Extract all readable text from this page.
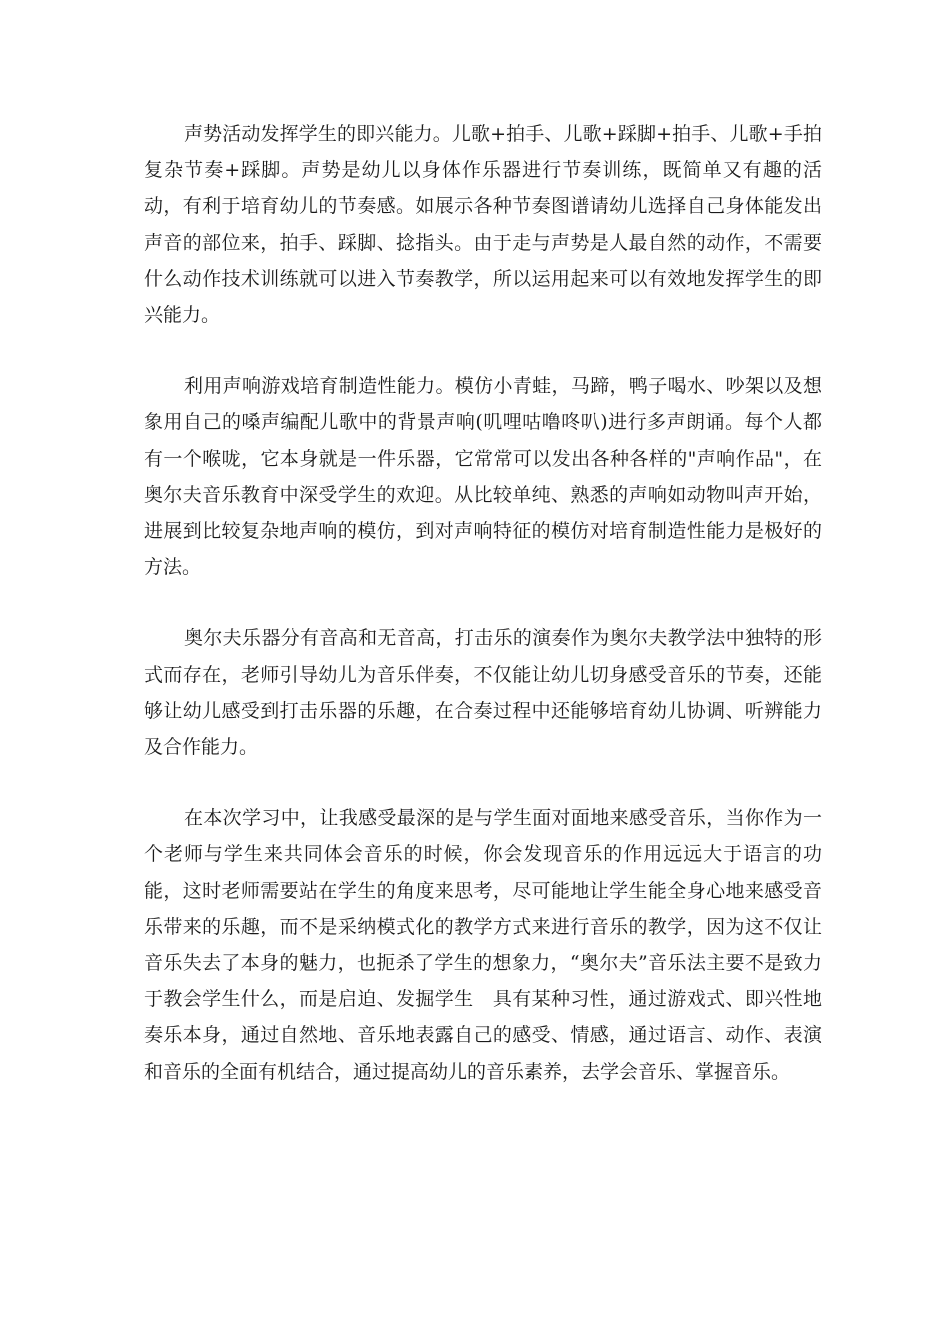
声势活动发挥学生的即兴能力。儿歌+拍手、儿歌+踩脚+拍手、儿歌+手拍复杂节奏+踩脚。声势是幼儿以身体作乐器进行节奏训练，既简单又有趣的活动，有利于培育幼儿的节奏感。如展示各种节奏图谱请幼儿选择自己身体能发出声音的部位来，拍手、踩脚、捻指头。由于走与声势是人最自然的动作，不需要什么动作技术训练就可以进入节奏教学，所以运用起来可以有效地发挥学生的即兴能力。

利用声响游戏培育制造性能力。模仿小青蛙，马蹄，鸭子喝水、吵架以及想象用自己的嗓声编配儿歌中的背景声响(叽哩咕噜咚叭)进行多声朗诵。每个人都有一个喉咙，它本身就是一件乐器，它常常可以发出各种各样的"声响作品"，在奥尔夫音乐教育中深受学生的欢迎。从比较单纯、熟悉的声响如动物叫声开始，进展到比较复杂地声响的模仿，到对声响特征的模仿对培育制造性能力是极好的方法。

奥尔夫乐器分有音高和无音高，打击乐的演奏作为奥尔夫教学法中独特的形式而存在，老师引导幼儿为音乐伴奏，不仅能让幼儿切身感受音乐的节奏，还能够让幼儿感受到打击乐器的乐趣，在合奏过程中还能够培育幼儿协调、听辨能力及合作能力。

在本次学习中，让我感受最深的是与学生面对面地来感受音乐，当你作为一个老师与学生来共同体会音乐的时候，你会发现音乐的作用远远大于语言的功能，这时老师需要站在学生的角度来思考，尽可能地让学生能全身心地来感受音乐带来的乐趣，而不是采纳模式化的教学方式来进行音乐的教学，因为这不仅让音乐失去了本身的魅力，也扼杀了学生的想象力，“奥尔夫”音乐法主要不是致力于教会学生什么，而是启迫、发掘学生　具有某种习性，通过游戏式、即兴性地奏乐本身，通过自然地、音乐地表露自己的感受、情感，通过语言、动作、表演和音乐的全面有机结合，通过提高幼儿的音乐素养，去学会音乐、掌握音乐。
